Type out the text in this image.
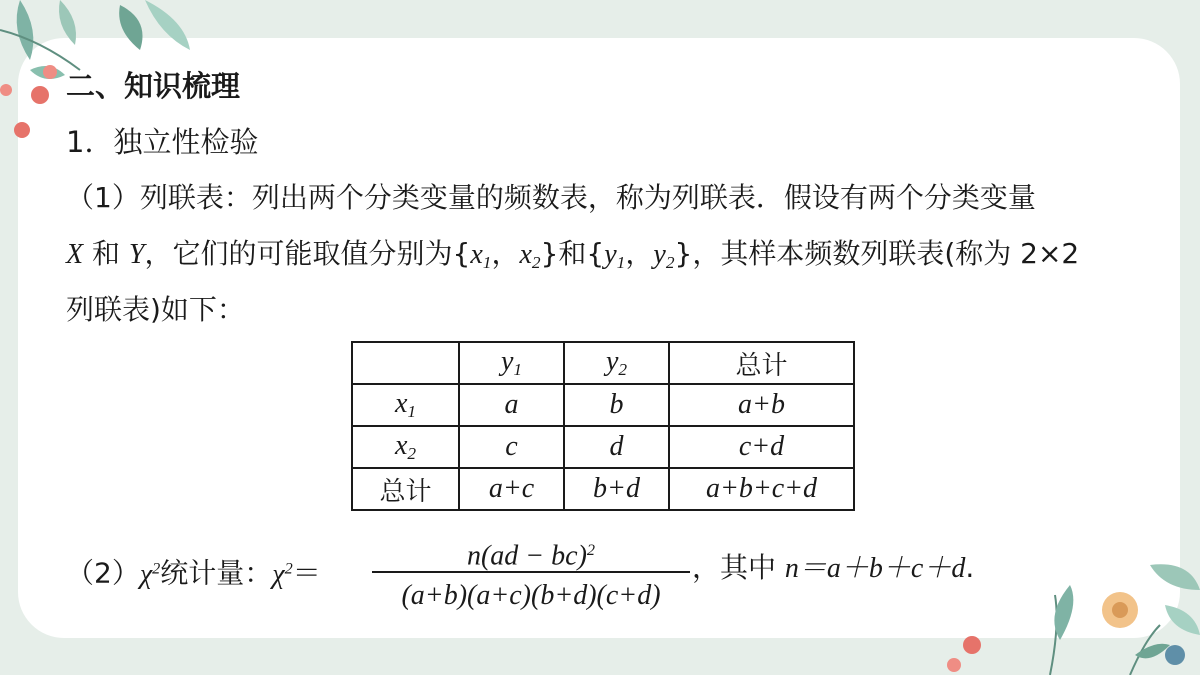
二、知识梳理
1．独立性检验
（1）列联表：列出两个分类变量的频数表，称为列联表．假设有两个分类变量
X 和 Y，它们的可能取值分别为{$x_1$，$x_2$}和{$y_1$，$y_2$}，其样本频数列联表(称为 2×2
列联表)如下：
	$y_1$	$y_2$	总计
$x_1$	a	b	a+b
$x_2$	c	d	c+d
总计	a+c	b+d	a+b+c+d
$(2)\chi^2$统计量：$\chi^2=$
n(ad − bc)$^2$
(a+b)(a+c)(b+d)(c+d)
，其中 n＝a＋b＋c＋d.
